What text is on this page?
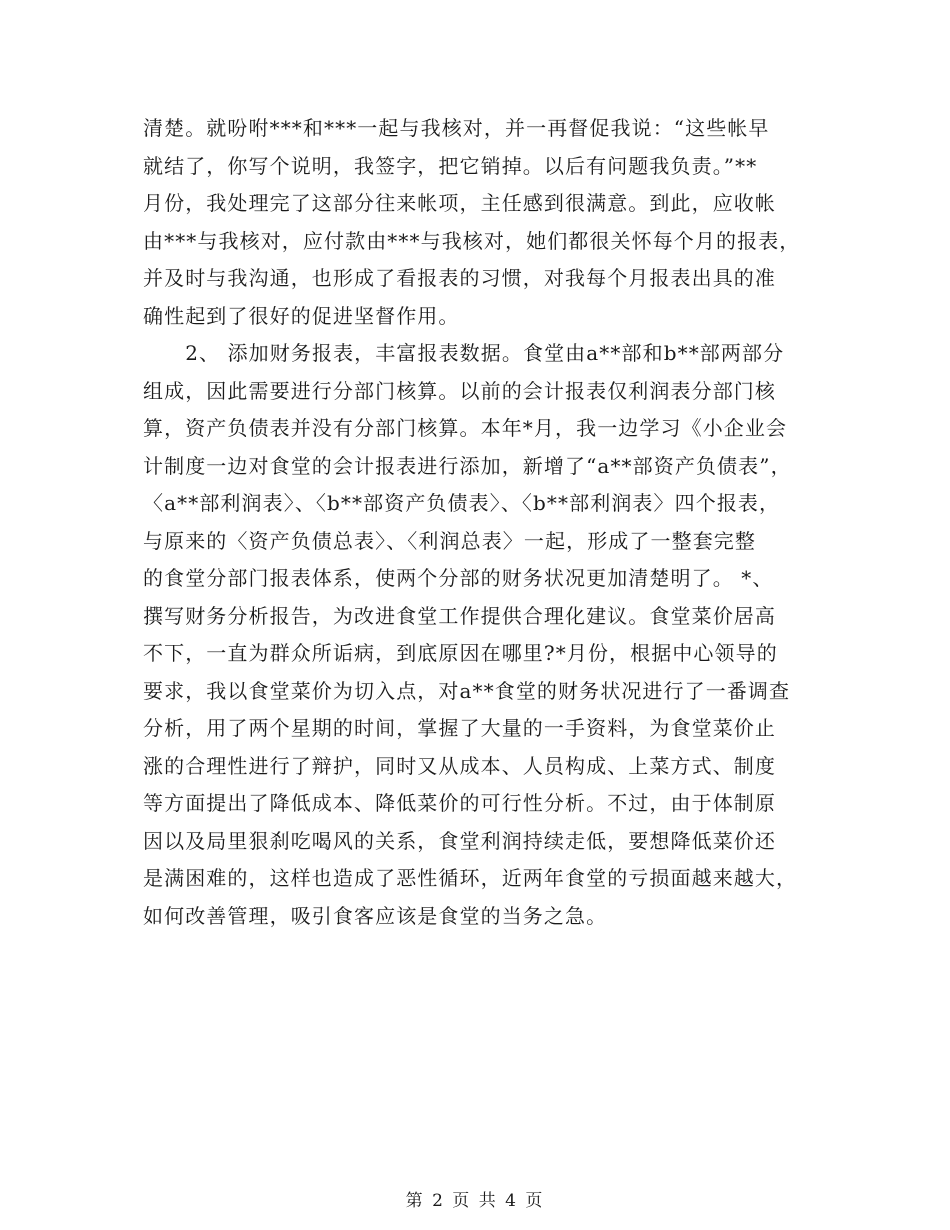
清楚。就吩咐***和***一起与我核对，并一再督促我说：“这些帐早
就结了，你写个说明，我签字，把它销掉。以后有问题我负责。”**
月份，我处理完了这部分往来帐项，主任感到很满意。到此，应收帐
由***与我核对，应付款由***与我核对，她们都很关怀每个月的报表，
并及时与我沟通，也形成了看报表的习惯，对我每个月报表出具的准
确性起到了很好的促进坚督作用。
　　2、 添加财务报表，丰富报表数据。食堂由a**部和b**部两部分
组成，因此需要进行分部门核算。以前的会计报表仅利润表分部门核
算，资产负债表并没有分部门核算。本年*月，我一边学习《小企业会
计制度一边对食堂的会计报表进行添加，新增了“a**部资产负债表”，
〈a**部利润表〉、〈b**部资产负债表〉、〈b**部利润表〉四个报表，
与原来的〈资产负债总表〉、〈利润总表〉一起，形成了一整套完整
的食堂分部门报表体系，使两个分部的财务状况更加清楚明了。 *、
撰写财务分析报告，为改进食堂工作提供合理化建议。食堂菜价居高
不下，一直为群众所诟病，到底原因在哪里?*月份，根据中心领导的
要求，我以食堂菜价为切入点，对a**食堂的财务状况进行了一番调查
分析，用了两个星期的时间，掌握了大量的一手资料，为食堂菜价止
涨的合理性进行了辩护，同时又从成本、人员构成、上菜方式、制度
等方面提出了降低成本、降低菜价的可行性分析。不过，由于体制原
因以及局里狠刹吃喝风的关系，食堂利润持续走低，要想降低菜价还
是满困难的，这样也造成了恶性循环，近两年食堂的亏损面越来越大，
如何改善管理，吸引食客应该是食堂的当务之急。
第 2 页 共 4 页
